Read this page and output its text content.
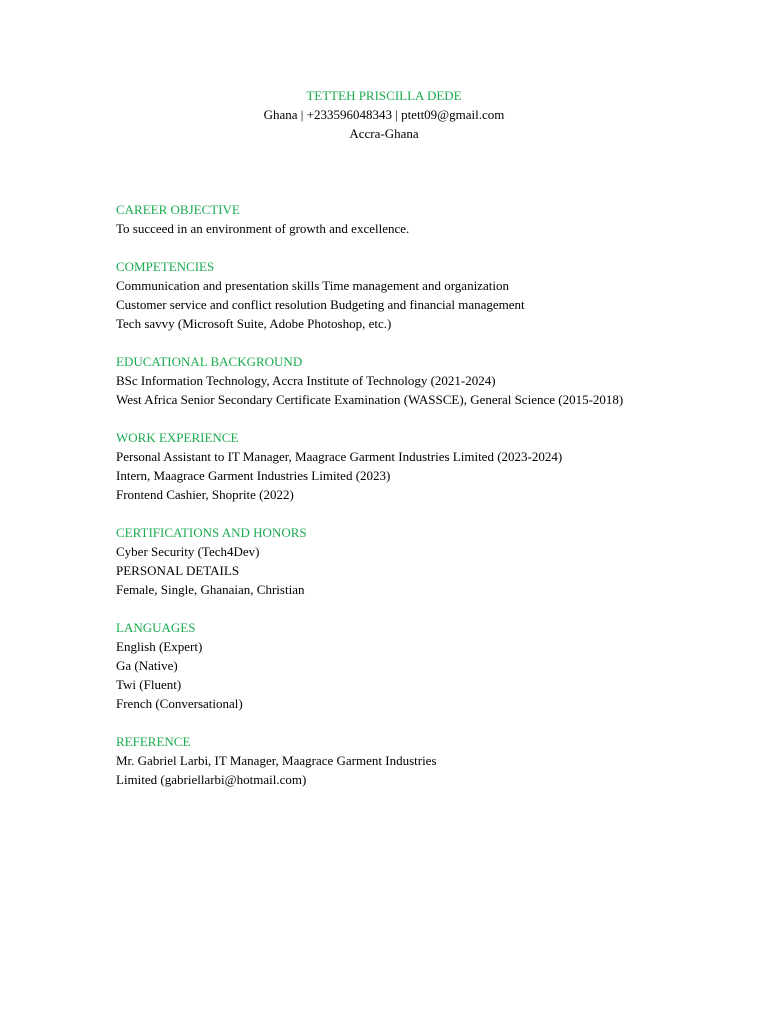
TETTEH PRISCILLA DEDE
Ghana | +233596048343 | ptett09@gmail.com
Accra-Ghana
CAREER OBJECTIVE
To succeed in an environment of growth and excellence.
COMPETENCIES
Communication and presentation skills Time management and organization
Customer service and conflict resolution Budgeting and financial management
Tech savvy (Microsoft Suite, Adobe Photoshop, etc.)
EDUCATIONAL BACKGROUND
BSc Information Technology, Accra Institute of Technology (2021-2024)
West Africa Senior Secondary Certificate Examination (WASSCE), General Science (2015-2018)
WORK EXPERIENCE
Personal Assistant to IT Manager, Maagrace Garment Industries Limited (2023-2024)
Intern, Maagrace Garment Industries Limited (2023)
Frontend Cashier, Shoprite (2022)
CERTIFICATIONS AND HONORS
Cyber Security (Tech4Dev)
PERSONAL DETAILS
Female, Single, Ghanaian, Christian
LANGUAGES
English (Expert)
Ga (Native)
Twi (Fluent)
French (Conversational)
REFERENCE
Mr. Gabriel Larbi, IT Manager, Maagrace Garment Industries
Limited (gabriellarbi@hotmail.com)
